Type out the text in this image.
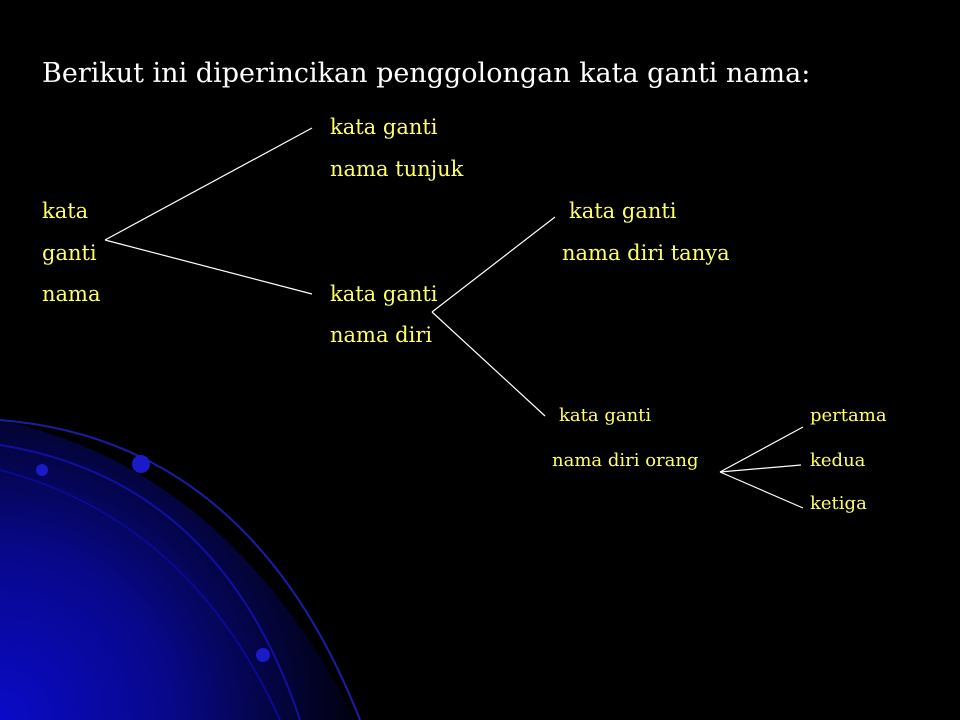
Berikut ini diperincikan penggolongan kata ganti nama:
kata
ganti
nama
kata ganti
nama tunjuk
kata ganti
nama diri
kata ganti
nama diri tanya
kata ganti
nama diri orang
pertama
kedua
ketiga
